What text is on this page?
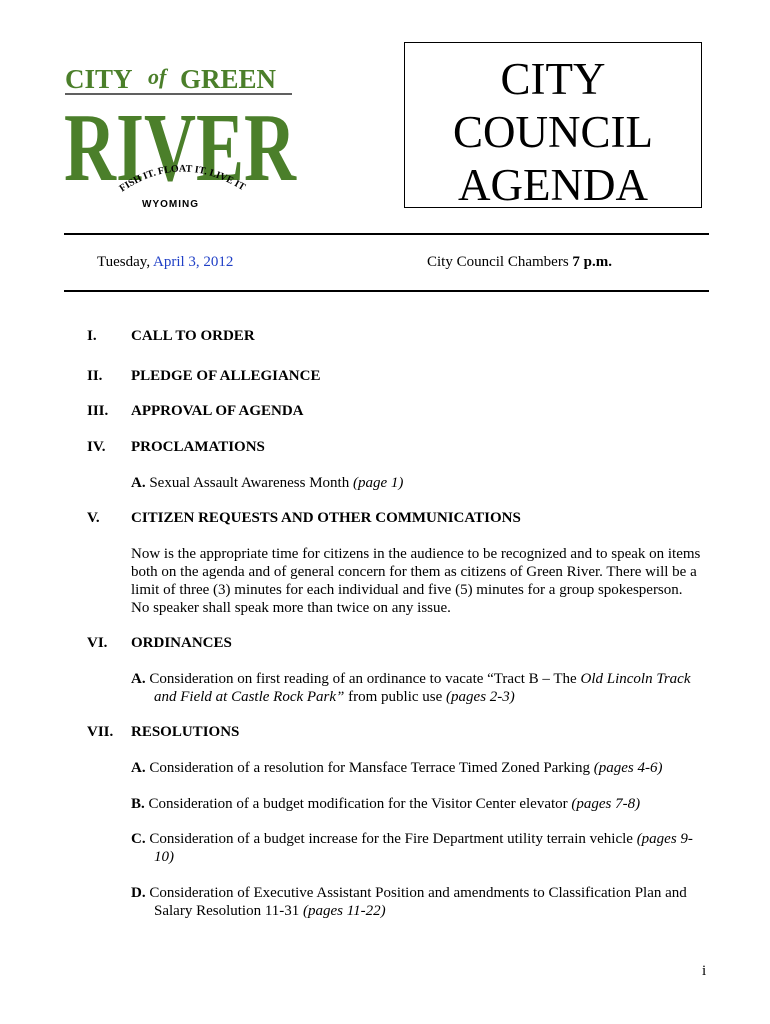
CITY of GREEN
RIVER
FISH IT. FLOAT IT. LIVE IT
WYOMING
CITY
COUNCIL
AGENDA
Tuesday, April 3, 2012	City Council Chambers 7 p.m.
I. CALL TO ORDER
II. PLEDGE OF ALLEGIANCE
III. APPROVAL OF AGENDA
IV. PROCLAMATIONS
A. Sexual Assault Awareness Month (page 1)
V. CITIZEN REQUESTS AND OTHER COMMUNICATIONS
Now is the appropriate time for citizens in the audience to be recognized and to speak on items
both on the agenda and of general concern for them as citizens of Green River. There will be a
limit of three (3) minutes for each individual and five (5) minutes for a group spokesperson.
No speaker shall speak more than twice on any issue.
VI. ORDINANCES
A. Consideration on first reading of an ordinance to vacate “Tract B – The Old Lincoln Track
and Field at Castle Rock Park” from public use (pages 2-3)
VII. RESOLUTIONS
A. Consideration of a resolution for Mansface Terrace Timed Zoned Parking (pages 4-6)
B. Consideration of a budget modification for the Visitor Center elevator (pages 7-8)
C. Consideration of a budget increase for the Fire Department utility terrain vehicle (pages 9-
10)
D. Consideration of Executive Assistant Position and amendments to Classification Plan and
Salary Resolution 11-31 (pages 11-22)
i
